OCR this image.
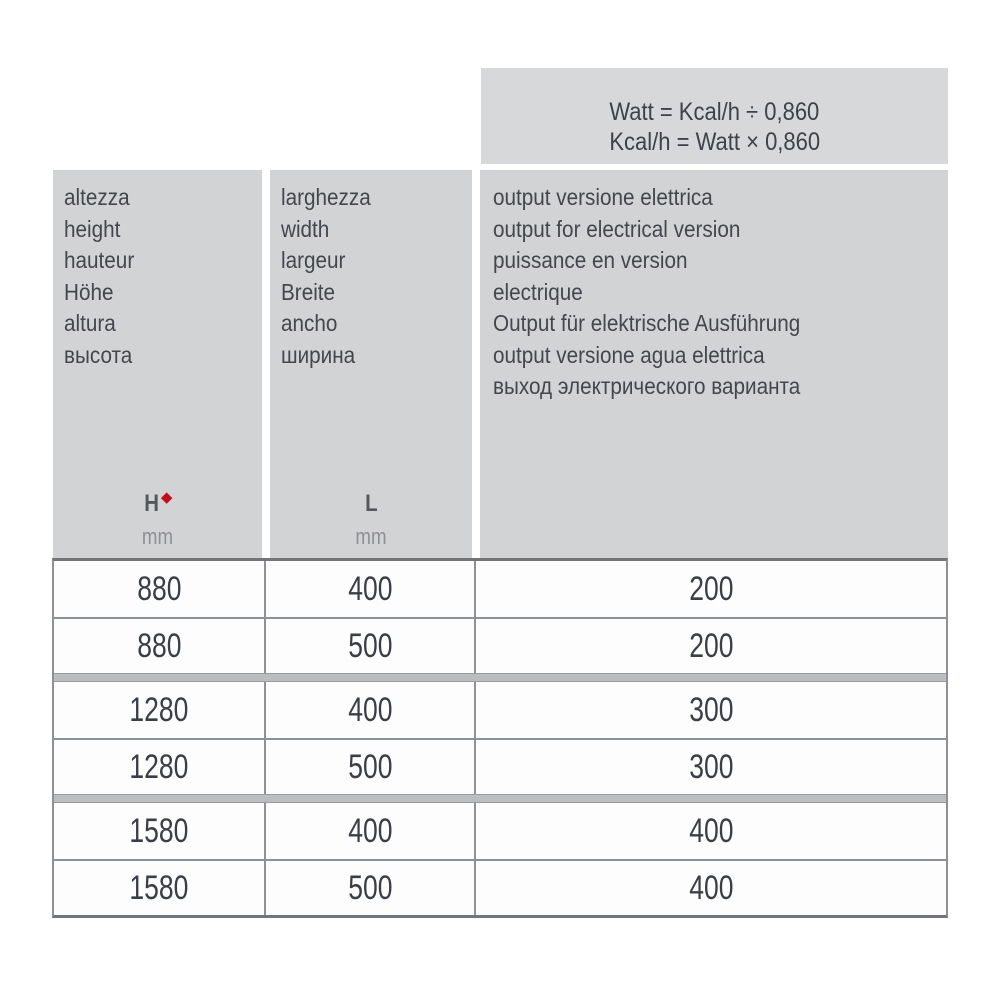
Watt = Kcal/h ÷ 0,860
Kcal/h = Watt × 0,860
altezza
height
hauteur
Höhe
altura
высота
H ◆
mm
larghezza
width
largeur
Breite
ancho
ширина
L
mm
output versione elettrica
output for electrical version
puissance en version
electrique
Output für elektrische Ausführung
output versione agua elettrica
выход электрического варианта
880	400	200
880	500	200
1280	400	300
1280	500	300
1580	400	400
1580	500	400
